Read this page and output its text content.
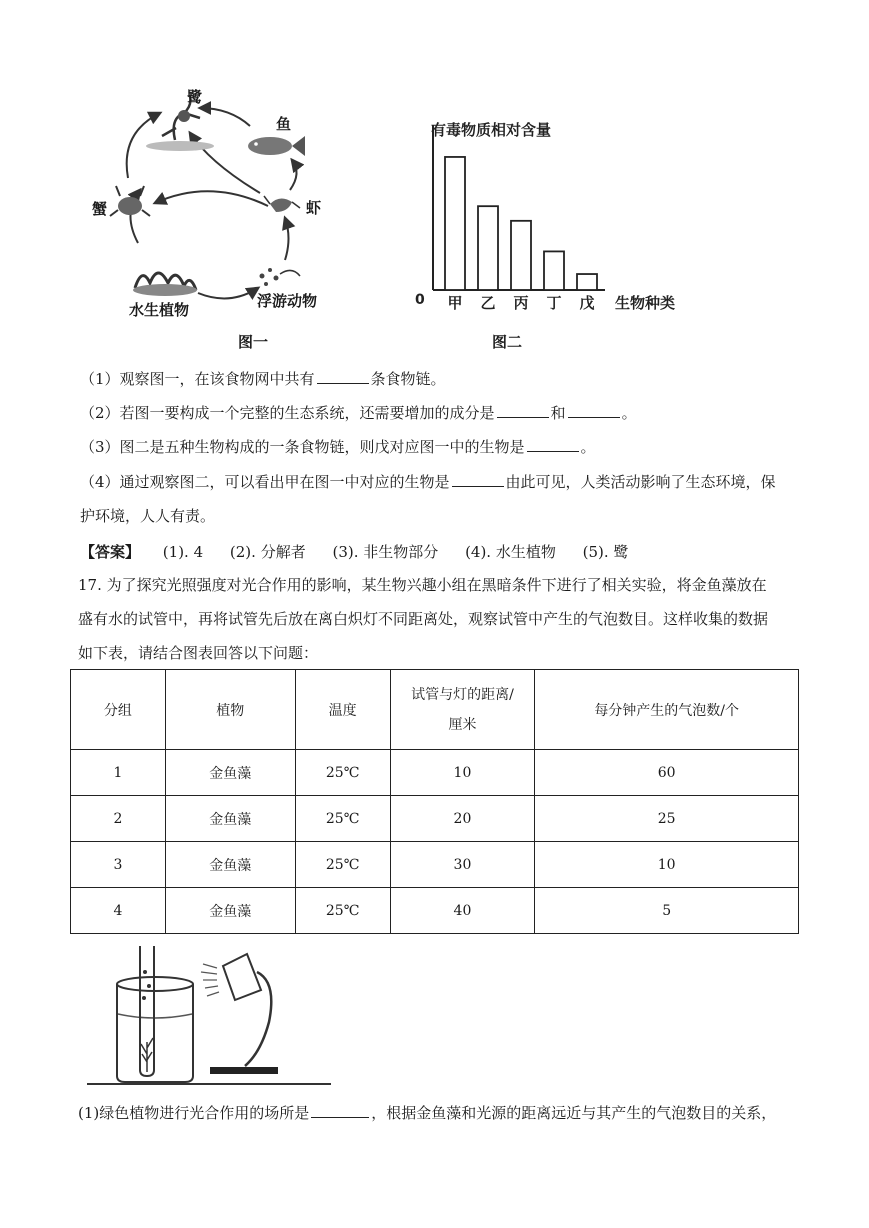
鹭
鱼
蟹	虾
水生植物	浮游动物
图一
有毒物质相对含量
0 甲 乙 丙 丁 戊 生物种类
图二
（1）观察图一，在该食物网中共有	条食物链。
（2）若图一要构成一个完整的生态系统，还需要增加的成分是	和	。
（3）图二是五种生物构成的一条食物链，则戊对应图一中的生物是	。
（4）通过观察图二，可以看出甲在图一中对应的生物是	由此可见，人类活动影响了生态环境，保
护环境，人人有责。
【答案】 (1). 4 (2). 分解者 (3). 非生物部分 (4). 水生植物 (5). 鹭
17. 为了探究光照强度对光合作用的影响，某生物兴趣小组在黑暗条件下进行了相关实验，将金鱼藻放在
盛有水的试管中，再将试管先后放在离白炽灯不同距离处，观察试管中产生的气泡数目。这样收集的数据
如下表，请结合图表回答以下问题：
分组	植物	温度	试管与灯的距离/
厘米	每分钟产生的气泡数/个
1	金鱼藻	25℃	10	60
2	金鱼藻	25℃	20	25
3	金鱼藻	25℃	30	10
4	金鱼藻	25℃	40	5
(1)绿色植物进行光合作用的场所是	，根据金鱼藻和光源的距离远近与其产生的气泡数目的关系，
